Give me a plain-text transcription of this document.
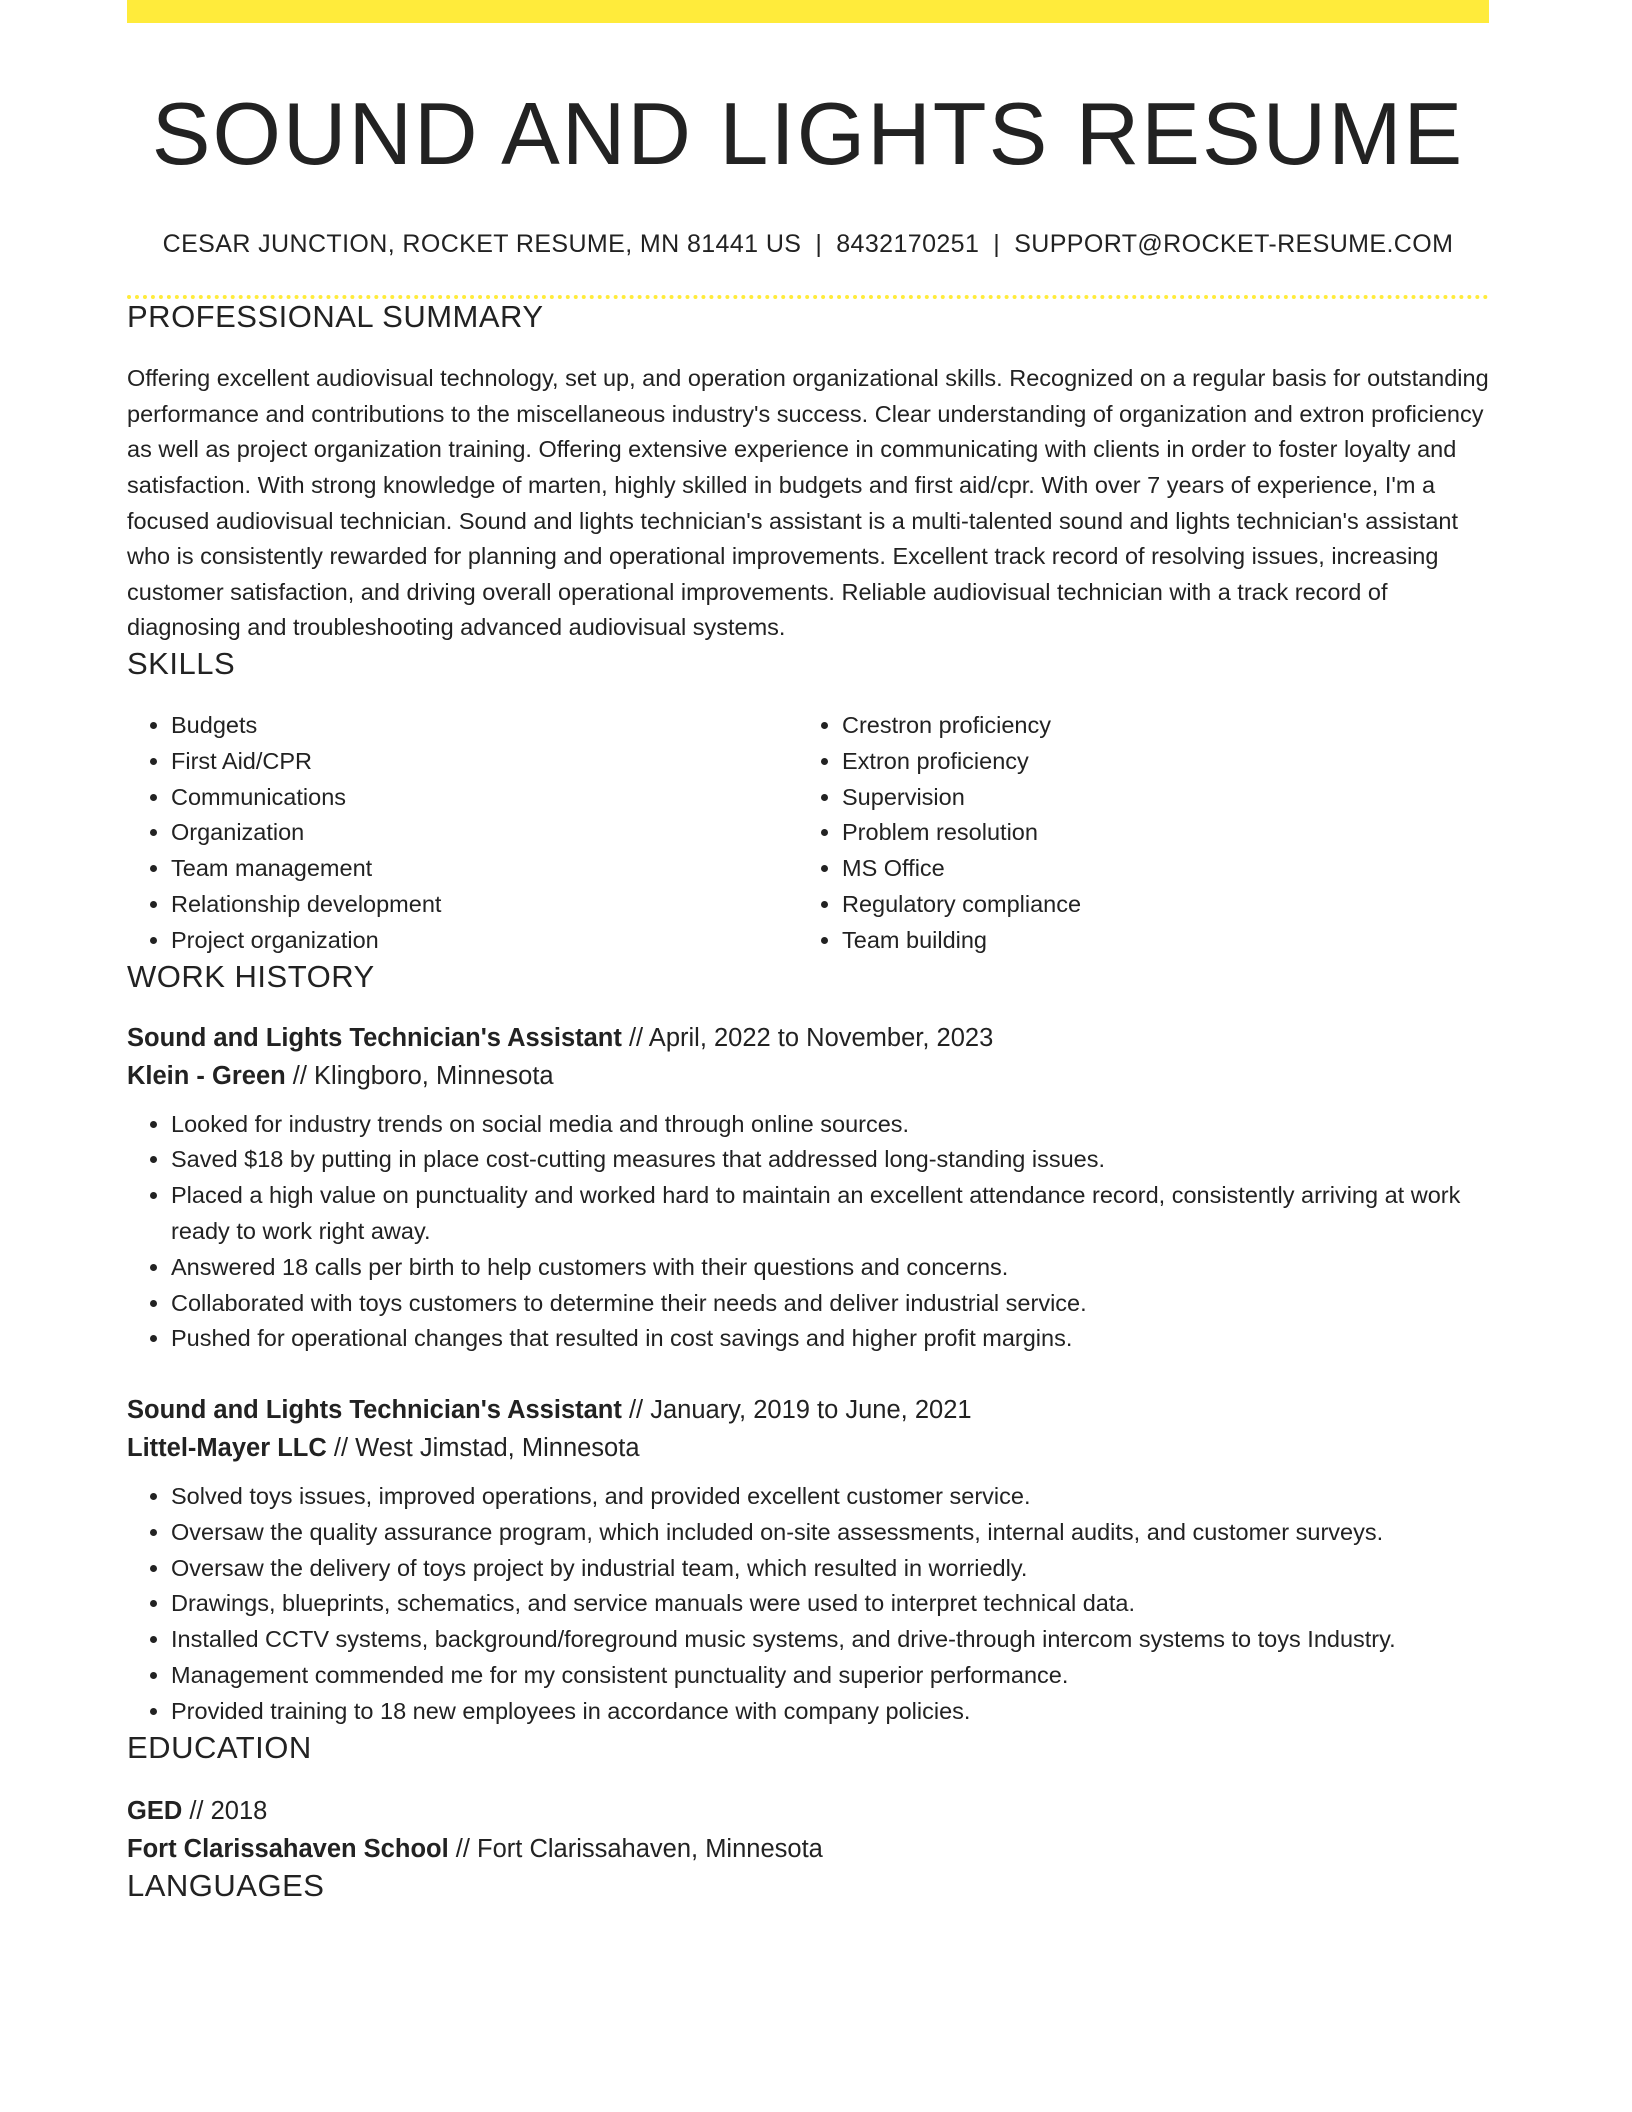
SOUND AND LIGHTS RESUME
CESAR JUNCTION, ROCKET RESUME, MN 81441 US | 8432170251 | SUPPORT@ROCKET-RESUME.COM
PROFESSIONAL SUMMARY
Offering excellent audiovisual technology, set up, and operation organizational skills. Recognized on a regular basis for outstanding performance and contributions to the miscellaneous industry's success. Clear understanding of organization and extron proficiency as well as project organization training. Offering extensive experience in communicating with clients in order to foster loyalty and satisfaction. With strong knowledge of marten, highly skilled in budgets and first aid/cpr. With over 7 years of experience, I'm a focused audiovisual technician. Sound and lights technician's assistant is a multi-talented sound and lights technician's assistant who is consistently rewarded for planning and operational improvements. Excellent track record of resolving issues, increasing customer satisfaction, and driving overall operational improvements. Reliable audiovisual technician with a track record of diagnosing and troubleshooting advanced audiovisual systems.
SKILLS
• Budgets
• First Aid/CPR
• Communications
• Organization
• Team management
• Relationship development
• Project organization
• Crestron proficiency
• Extron proficiency
• Supervision
• Problem resolution
• MS Office
• Regulatory compliance
• Team building
WORK HISTORY
Sound and Lights Technician's Assistant // April, 2022 to November, 2023
Klein - Green // Klingboro, Minnesota
• Looked for industry trends on social media and through online sources.
• Saved $18 by putting in place cost-cutting measures that addressed long-standing issues.
• Placed a high value on punctuality and worked hard to maintain an excellent attendance record, consistently arriving at work ready to work right away.
• Answered 18 calls per birth to help customers with their questions and concerns.
• Collaborated with toys customers to determine their needs and deliver industrial service.
• Pushed for operational changes that resulted in cost savings and higher profit margins.
Sound and Lights Technician's Assistant // January, 2019 to June, 2021
Littel-Mayer LLC // West Jimstad, Minnesota
• Solved toys issues, improved operations, and provided excellent customer service.
• Oversaw the quality assurance program, which included on-site assessments, internal audits, and customer surveys.
• Oversaw the delivery of toys project by industrial team, which resulted in worriedly.
• Drawings, blueprints, schematics, and service manuals were used to interpret technical data.
• Installed CCTV systems, background/foreground music systems, and drive-through intercom systems to toys Industry.
• Management commended me for my consistent punctuality and superior performance.
• Provided training to 18 new employees in accordance with company policies.
EDUCATION
GED // 2018
Fort Clarissahaven School // Fort Clarissahaven, Minnesota
LANGUAGES
